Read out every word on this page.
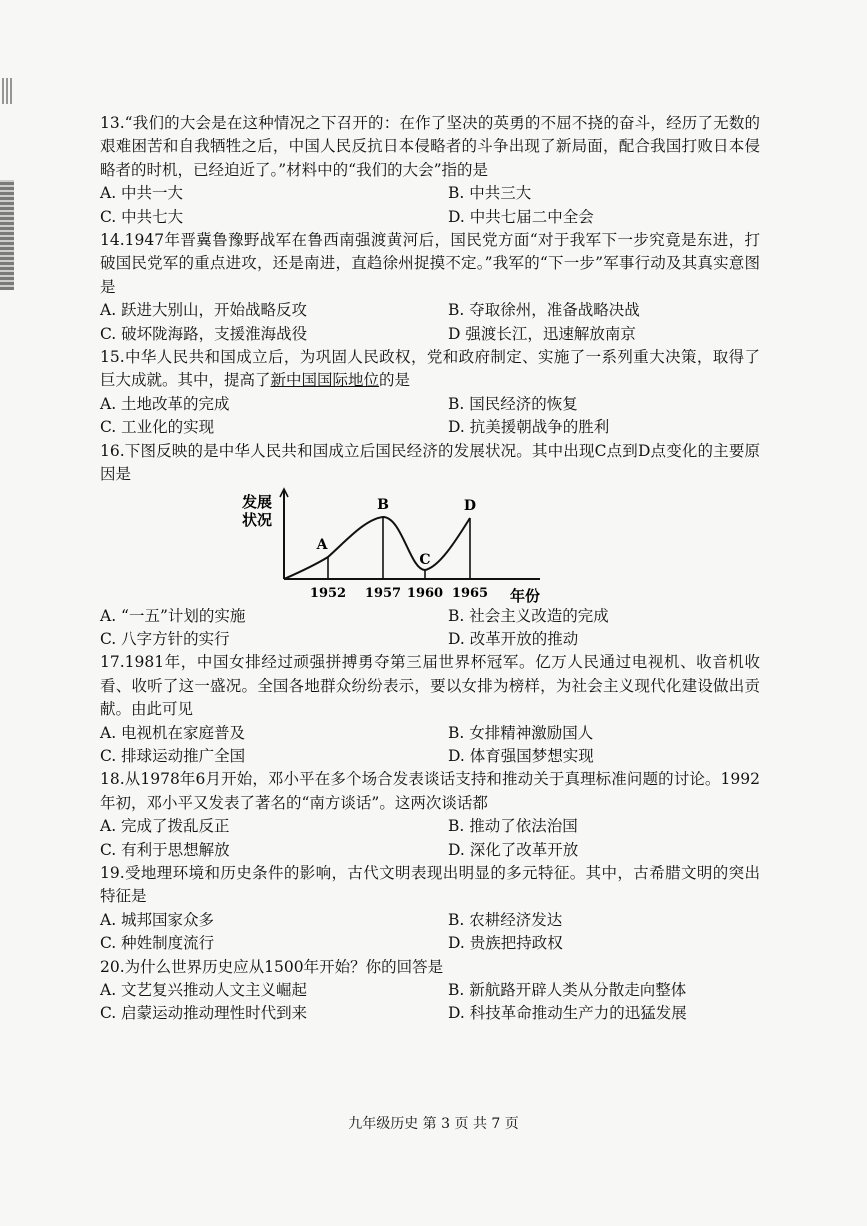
13.“我们的大会是在这种情况之下召开的：在作了坚决的英勇的不屈不挠的奋斗，经历了无数的艰难困苦和自我牺牲之后，中国人民反抗日本侵略者的斗争出现了新局面，配合我国打败日本侵略者的时机，已经迫近了。”材料中的“我们的大会”指的是

A. 中共一大	B. 中共三大
C. 中共七大	D. 中共七届二中全会

14.1947年晋冀鲁豫野战军在鲁西南强渡黄河后，国民党方面“对于我军下一步究竟是东进，打破国民党军的重点进攻，还是南进，直趋徐州捉摸不定。”我军的“下一步”军事行动及其真实意图是

A. 跃进大别山，开始战略反攻	B. 夺取徐州，准备战略决战
C. 破坏陇海路，支援淮海战役	D 强渡长江，迅速解放南京

15.中华人民共和国成立后，为巩固人民政权，党和政府制定、实施了一系列重大决策，取得了巨大成就。其中，提高了新中国国际地位的是

A. 土地改革的完成	B. 国民经济的恢复
C. 工业化的实现	D. 抗美援朝战争的胜利

16.下图反映的是中华人民共和国成立后国民经济的发展状况。其中出现C点到D点变化的主要原因是

发展
状况
年份
1952 1957 1960 1965
A
B
C
D
A. “一五”计划的实施	B. 社会主义改造的完成
C. 八字方针的实行	D. 改革开放的推动

17.1981年，中国女排经过顽强拼搏勇夺第三届世界杯冠军。亿万人民通过电视机、收音机收看、收听了这一盛况。全国各地群众纷纷表示，要以女排为榜样，为社会主义现代化建设做出贡献。由此可见

A. 电视机在家庭普及	B. 女排精神激励国人
C. 排球运动推广全国	D. 体育强国梦想实现

18.从1978年6月开始，邓小平在多个场合发表谈话支持和推动关于真理标准问题的讨论。1992年初，邓小平又发表了著名的“南方谈话”。这两次谈话都

A. 完成了拨乱反正	B. 推动了依法治国
C. 有利于思想解放	D. 深化了改革开放

19.受地理环境和历史条件的影响，古代文明表现出明显的多元特征。其中，古希腊文明的突出特征是

A. 城邦国家众多	B. 农耕经济发达
C. 种姓制度流行	D. 贵族把持政权

20.为什么世界历史应从1500年开始？你的回答是

A. 文艺复兴推动人文主义崛起	B. 新航路开辟人类从分散走向整体
C. 启蒙运动推动理性时代到来	D. 科技革命推动生产力的迅猛发展
九年级历史 第 3 页 共 7 页
